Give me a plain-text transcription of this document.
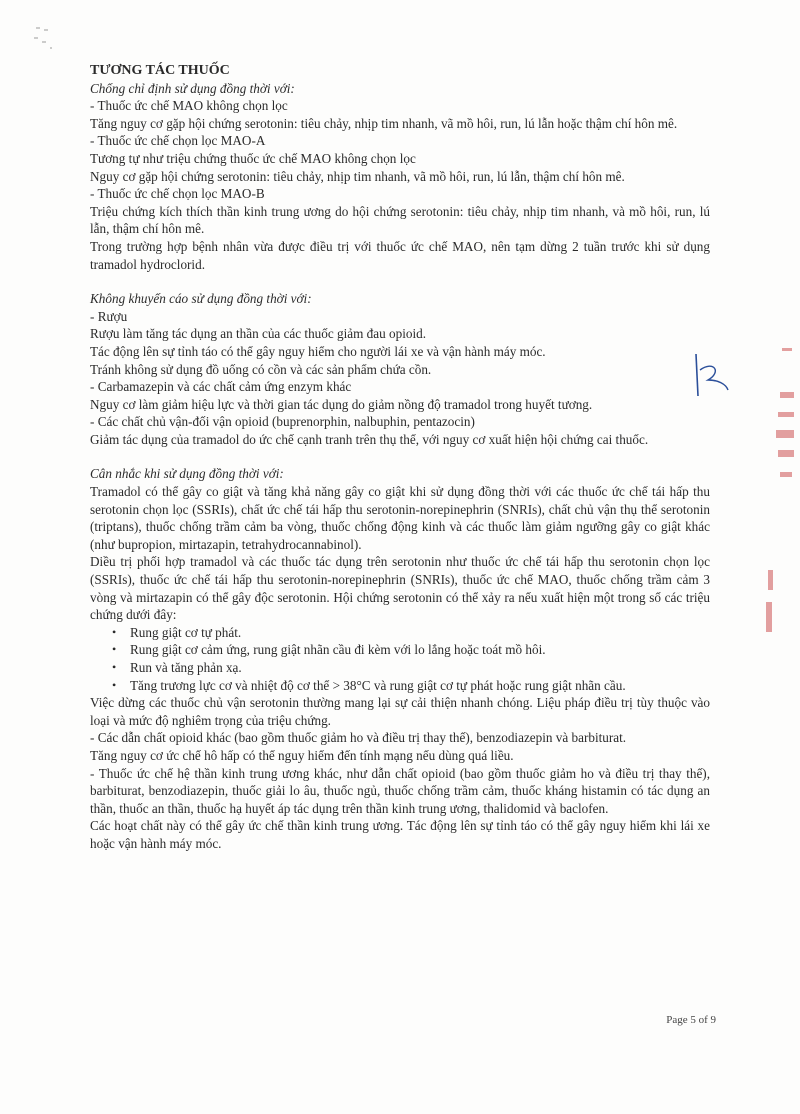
TƯƠNG TÁC THUỐC

Chống chỉ định sử dụng đồng thời với:

- Thuốc ức chế MAO không chọn lọc

Tăng nguy cơ gặp hội chứng serotonin: tiêu chảy, nhịp tim nhanh, vã mồ hôi, run, lú lẫn hoặc thậm chí hôn mê.

- Thuốc ức chế chọn lọc MAO-A

Tương tự như triệu chứng thuốc ức chế MAO không chọn lọc

Nguy cơ gặp hội chứng serotonin: tiêu chảy, nhịp tim nhanh, vã mồ hôi, run, lú lẫn, thậm chí hôn mê.

- Thuốc ức chế chọn lọc MAO-B

Triệu chứng kích thích thần kinh trung ương do hội chứng serotonin: tiêu chảy, nhịp tim nhanh, và mồ hôi, run, lú lẫn, thậm chí hôn mê.

Trong trường hợp bệnh nhân vừa được điều trị với thuốc ức chế MAO, nên tạm dừng 2 tuần trước khi sử dụng tramadol hydroclorid.

Không khuyến cáo sử dụng đồng thời với:

- Rượu

Rượu làm tăng tác dụng an thần của các thuốc giảm đau opioid.

Tác động lên sự tỉnh táo có thể gây nguy hiểm cho người lái xe và vận hành máy móc.

Tránh không sử dụng đồ uống có cồn và các sản phẩm chứa cồn.

- Carbamazepin và các chất cảm ứng enzym khác

Nguy cơ làm giảm hiệu lực và thời gian tác dụng do giảm nồng độ tramadol trong huyết tương.

- Các chất chủ vận-đối vận opioid (buprenorphin, nalbuphin, pentazocin)

Giảm tác dụng của tramadol do ức chế cạnh tranh trên thụ thể, với nguy cơ xuất hiện hội chứng cai thuốc.

Cân nhắc khi sử dụng đồng thời với:

Tramadol có thể gây co giật và tăng khả năng gây co giật khi sử dụng đồng thời với các thuốc ức chế tái hấp thu serotonin chọn lọc (SSRIs), chất ức chế tái hấp thu serotonin-norepinephrin (SNRIs), chất chủ vận thụ thể serotonin (triptans), thuốc chống trầm cảm ba vòng, thuốc chống động kinh và các thuốc làm giảm ngưỡng gây co giật khác (như bupropion, mirtazapin, tetrahydrocannabinol).

Diều trị phối hợp tramadol và các thuốc tác dụng trên serotonin như thuốc ức chế tái hấp thu serotonin chọn lọc (SSRIs), thuốc ức chế tái hấp thu serotonin-norepinephrin (SNRIs), thuốc ức chế MAO, thuốc chống trầm cảm 3 vòng và mirtazapin có thể gây độc serotonin. Hội chứng serotonin có thể xảy ra nếu xuất hiện một trong số các triệu chứng dưới đây:

• Rung giật cơ tự phát.
• Rung giật cơ cảm ứng, rung giật nhãn cầu đi kèm với lo lắng hoặc toát mồ hôi.
• Run và tăng phản xạ.
• Tăng trương lực cơ và nhiệt độ cơ thể > 38°C và rung giật cơ tự phát hoặc rung giật nhãn cầu.

Việc dừng các thuốc chủ vận serotonin thường mang lại sự cải thiện nhanh chóng. Liệu pháp điều trị tùy thuộc vào loại và mức độ nghiêm trọng của triệu chứng.

- Các dẫn chất opioid khác (bao gồm thuốc giảm ho và điều trị thay thế), benzodiazepin và barbiturat.

Tăng nguy cơ ức chế hô hấp có thể nguy hiểm đến tính mạng nếu dùng quá liều.

- Thuốc ức chế hệ thần kinh trung ương khác, như dẫn chất opioid (bao gồm thuốc giảm ho và điều trị thay thế), barbiturat, benzodiazepin, thuốc giải lo âu, thuốc ngủ, thuốc chống trầm cảm, thuốc kháng histamin có tác dụng an thần, thuốc an thần, thuốc hạ huyết áp tác dụng trên thần kinh trung ương, thalidomid và baclofen.

Các hoạt chất này có thể gây ức chế thần kinh trung ương. Tác động lên sự tỉnh táo có thể gây nguy hiểm khi lái xe hoặc vận hành máy móc.

Page 5 of 9
